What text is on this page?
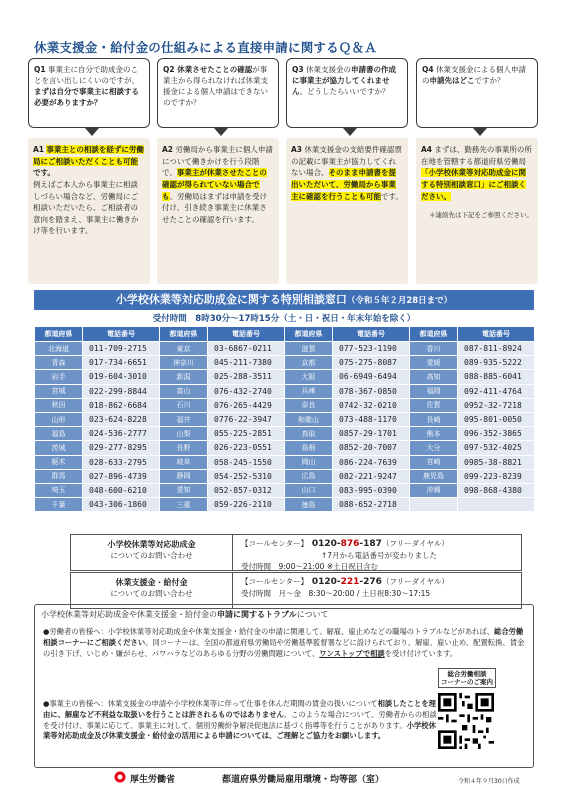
休業支援金・給付金の仕組みによる直接申請に関するＱ＆Ａ
Q1 事業主に自分で助成金のことを言い出しにくいのですが、まずは自分で事業主に相談する必要がありますか？
A1 事業主との相談を経ずに労働局にご相談いただくことも可能です。
例えばご本人から事業主に相談しづらい場合など、労働局にご相談いただいたら、ご相談者の意向を踏まえ、事業主に働きかけ等を行います。
Q2 休業させたことの確認が事業主から得られなければ休業支援金による個人申請はできないのですか？
A2 労働局から事業主に個人申請について働きかけを行う段階で、事業主が休業させたことの確認が得られていない場合でも、労働局はまずは申請を受け付け、引き続き事業主に休業させたことの確認を行います。
Q3 休業支援金の申請書の作成に事業主が協力してくれません。どうしたらいいですか？
A3 休業支援金の支給要件確認票の記載に事業主が協力してくれない場合、そのまま申請書を提出いただいて、労働局から事業主に確認を行うことも可能です。
Q4 休業支援金による個人申請の申請先はどこですか？
A4 まずは、勤務先の事業所の所在地を管轄する都道府県労働局「小学校休業等対応助成金に関する特別相談窓口」にご相談ください。
＊連絡先は下記をご参照ください。
小学校休業等対応助成金に関する特別相談窓口（令和５年２月28日まで）
受付時間　8時30分～17時15分（土・日・祝日・年末年始を除く）
都道府県	電話番号	都道府県	電話番号	都道府県	電話番号	都道府県	電話番号
北海道	011-709-2715	東京	03-6867-0211	滋賀	077-523-1190	香川	087-811-8924
青森	017-734-6651	神奈川	045-211-7380	京都	075-275-8087	愛媛	089-935-5222
岩手	019-604-3010	新潟	025-288-3511	大阪	06-6949-6494	高知	088-885-6041
宮城	022-299-8844	富山	076-432-2740	兵庫	078-367-0850	福岡	092-411-4764
秋田	018-862-6684	石川	076-265-4429	奈良	0742-32-0210	佐賀	0952-32-7218
山形	023-624-8228	福井	0776-22-3947	和歌山	073-488-1170	長崎	095-801-0050
福島	024-536-2777	山梨	055-225-2851	鳥取	0857-29-1701	熊本	096-352-3865
茨城	029-277-8295	長野	026-223-0551	島根	0852-20-7007	大分	097-532-4025
栃木	028-633-2795	岐阜	058-245-1550	岡山	086-224-7639	宮崎	0985-38-8821
群馬	027-896-4739	静岡	054-252-5310	広島	082-221-9247	鹿児島	099-223-8239
埼玉	048-600-6210	愛知	052-857-0312	山口	083-995-0390	沖縄	098-868-4380
千葉	043-306-1860	三重	059-226-2110	徳島	088-652-2718		
小学校休業等対応助成金
についてのお問い合わせ
【コールセンター】　 0120-876-187（フリーダイヤル）
↑7月から電話番号が変わりました
受付時間　9:00～21:00 ※土日祝日含む
休業支援金・給付金
についてのお問い合わせ
【コールセンター】　 0120-221-276（フリーダイヤル）
受付時間　月～金　8:30～20:00 / 土日祝8:30～17:15
小学校休業等対応助成金や休業支援金・給付金の申請に関するトラブルについて
●労働者の皆様へ：小学校休業等対応助成金や休業支援金・給付金の申請に関連して、解雇、雇止めなどの職場のトラブルなどがあれば、総合労働相談コーナーにご相談ください。同コーナーは、全国の都道府県労働局や労働基準監督署などに設けられており、解雇、雇い止め、配置転換、賃金の引き下げ、いじめ・嫌がらせ、パワハラなどのあらゆる分野の労働問題について、ワンストップで相談を受け付けています。
●事業主の皆様へ：休業支援金の申請や小学校休業等に伴って仕事を休んだ期間の賃金の扱いについて相談したことを理由に、解雇など不利益な取扱いを行うことは許されるものではありません。このような場合について、労働者からの相談を受け付け、事業に応じて、事業主に対して、個別労働紛争解決促進法に基づく指導等を行うことがあります。小学校休業等対応助成金及び休業支援金・給付金の活用による申請については、ご理解とご協力をお願いします。
総合労働相談
コーナーのご案内
厚生労働省	都道府県労働局雇用環境・均等部（室）	令和４年９月30日作成
